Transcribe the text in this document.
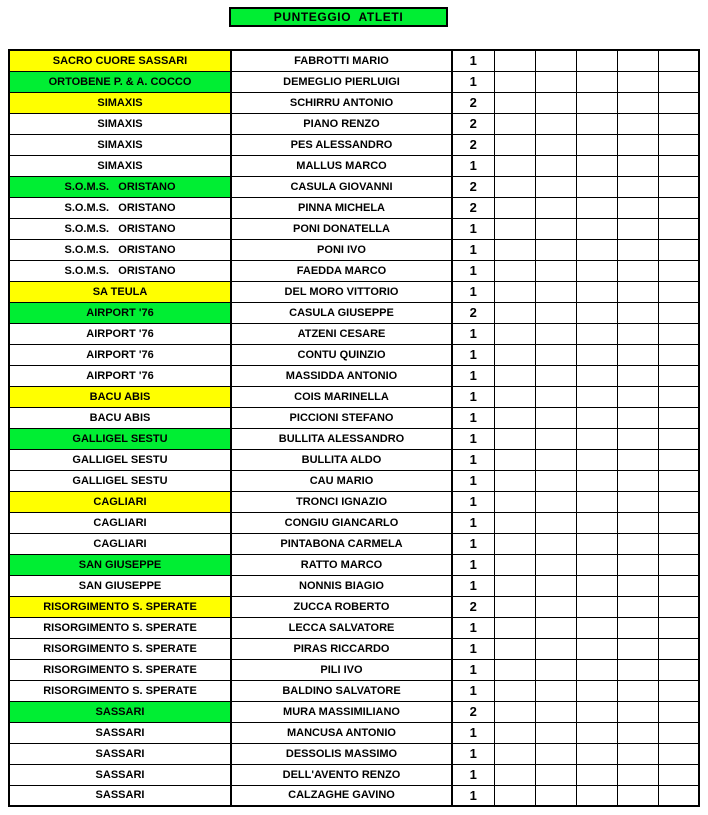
PUNTEGGIO  ATLETI
SACRO CUORE SASSARI	FABROTTI MARIO	1					
ORTOBENE P. & A. COCCO	DEMEGLIO PIERLUIGI	1					
SIMAXIS	SCHIRRU ANTONIO	2					
SIMAXIS	PIANO RENZO	2					
SIMAXIS	PES ALESSANDRO	2					
SIMAXIS	MALLUS MARCO	1					
S.O.M.S.   ORISTANO	CASULA GIOVANNI	2					
S.O.M.S.   ORISTANO	PINNA MICHELA	2					
S.O.M.S.   ORISTANO	PONI DONATELLA	1					
S.O.M.S.   ORISTANO	PONI IVO	1					
S.O.M.S.   ORISTANO	FAEDDA MARCO	1					
SA TEULA	DEL MORO VITTORIO	1					
AIRPORT '76	CASULA GIUSEPPE	2					
AIRPORT '76	ATZENI CESARE	1					
AIRPORT '76	CONTU QUINZIO	1					
AIRPORT '76	MASSIDDA ANTONIO	1					
BACU ABIS	COIS MARINELLA	1					
BACU ABIS	PICCIONI STEFANO	1					
GALLIGEL SESTU	BULLITA ALESSANDRO	1					
GALLIGEL SESTU	BULLITA ALDO	1					
GALLIGEL SESTU	CAU MARIO	1					
CAGLIARI	TRONCI IGNAZIO	1					
CAGLIARI	CONGIU GIANCARLO	1					
CAGLIARI	PINTABONA CARMELA	1					
SAN GIUSEPPE	RATTO MARCO	1					
SAN GIUSEPPE	NONNIS BIAGIO	1					
RISORGIMENTO S. SPERATE	ZUCCA ROBERTO	2					
RISORGIMENTO S. SPERATE	LECCA SALVATORE	1					
RISORGIMENTO S. SPERATE	PIRAS RICCARDO	1					
RISORGIMENTO S. SPERATE	PILI IVO	1					
RISORGIMENTO S. SPERATE	BALDINO SALVATORE	1					
SASSARI	MURA MASSIMILIANO	2					
SASSARI	MANCUSA ANTONIO	1					
SASSARI	DESSOLIS MASSIMO	1					
SASSARI	DELL'AVENTO RENZO	1					
SASSARI	CALZAGHE GAVINO	1					
